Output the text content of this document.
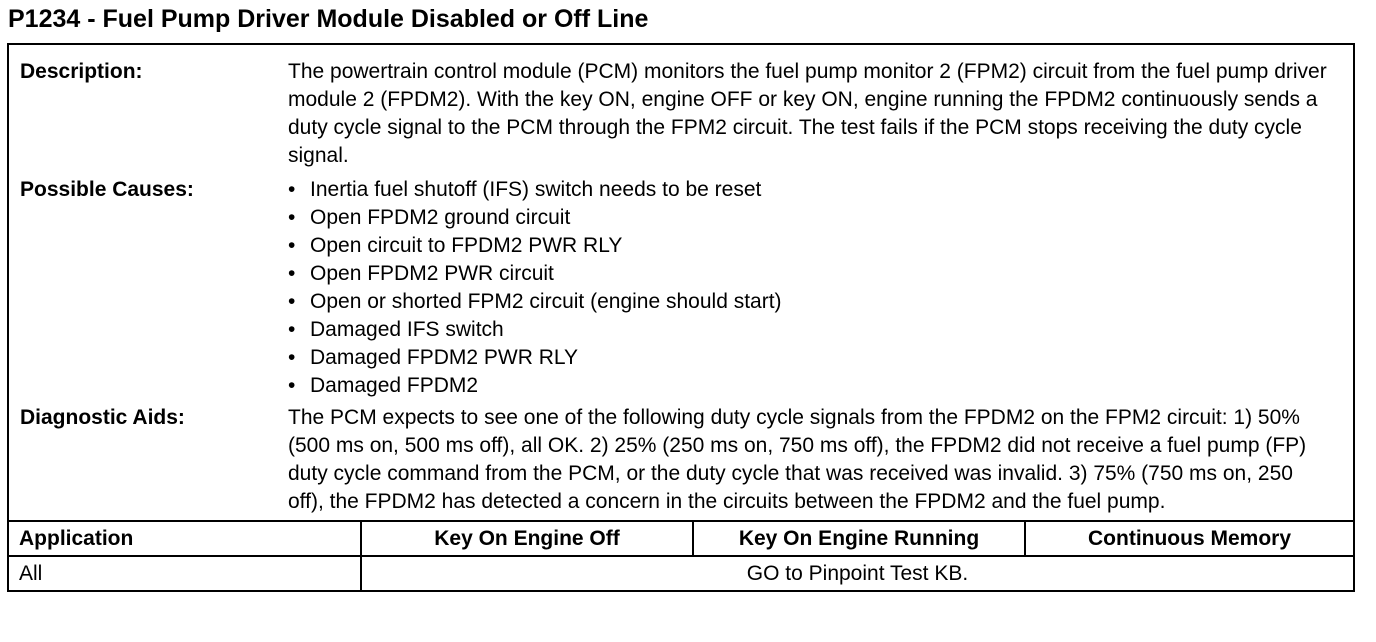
P1234 - Fuel Pump Driver Module Disabled or Off Line
Description:	The powertrain control module (PCM) monitors the fuel pump monitor 2 (FPM2) circuit from the fuel pump driver module 2 (FPDM2). With the key ON, engine OFF or key ON, engine running the FPDM2 continuously sends a duty cycle signal to the PCM through the FPM2 circuit. The test fails if the PCM stops receiving the duty cycle signal.
Possible Causes:	• Inertia fuel shutoff (IFS) switch needs to be reset
• Open FPDM2 ground circuit
• Open circuit to FPDM2 PWR RLY
• Open FPDM2 PWR circuit
• Open or shorted FPM2 circuit (engine should start)
• Damaged IFS switch
• Damaged FPDM2 PWR RLY
• Damaged FPDM2
Diagnostic Aids:	The PCM expects to see one of the following duty cycle signals from the FPDM2 on the FPM2 circuit: 1) 50% (500 ms on, 500 ms off), all OK. 2) 25% (250 ms on, 750 ms off), the FPDM2 did not receive a fuel pump (FP) duty cycle command from the PCM, or the duty cycle that was received was invalid. 3) 75% (750 ms on, 250 off), the FPDM2 has detected a concern in the circuits between the FPDM2 and the fuel pump.
Application	Key On Engine Off	Key On Engine Running	Continuous Memory
All	GO to Pinpoint Test KB.		
